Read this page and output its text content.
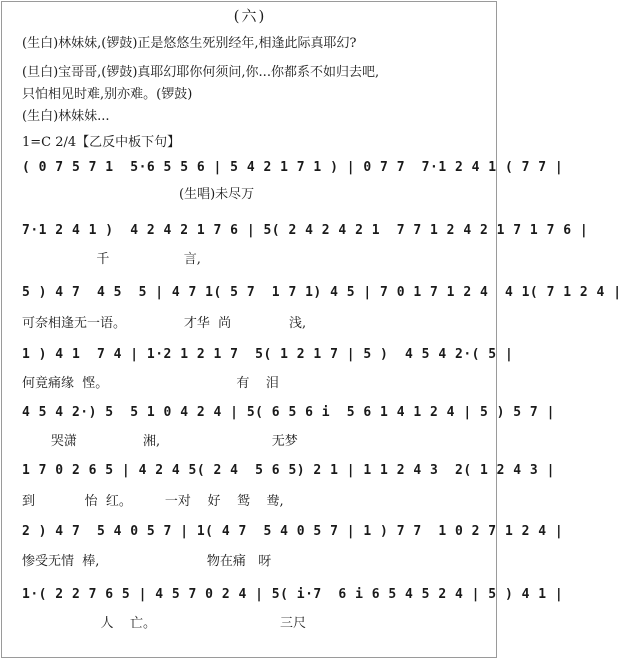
(六)
(生白)林妹妹,(锣鼓)正是悠悠生死别经年,相逢此际真耶幻?
(旦白)宝哥哥,(锣鼓)真耶幻耶你何须问,你...你都系不如归去吧,
只怕相见时难,别亦难。(锣鼓)
(生白)林妹妹...
1=C 2/4【乙反中板下句】
( 0 7 5 7 1  5·6 5 5 6 | 5 4 2 1 7 1 ) | 0 7 7  7·1 2 4 1 ( 7 7 |
(生唱)未尽万
7·1 2 4 1 )  4 2 4 2 1 7 6 | 5( 2 4 2 4 2 1  7 7 1 2 4 2 1 7 1 7 6 |
千                  言,
5 ) 4 7  4 5  5 | 4 7 1( 5 7  1 7 1) 4 5 | 7 0 1 7 1 2 4  4 1( 7 1 2 4 |
可奈相逢无一语。              才华  尚              浅,
1 ) 4 1  7 4 | 1·2 1 2 1 7  5( 1 2 1 7 | 5 )  4 5 4 2·( 5 |
何竟痛缘  悭。                               有    泪
4 5 4 2·) 5  5 1 0 4 2 4 | 5( 6 5 6 i  5 6 1 4 1 2 4 | 5 ) 5 7 |
哭潇                湘,                           无梦
1 7 0 2 6 5 | 4 2 4 5( 2 4  5 6 5) 2 1 | 1 1 2 4 3  2( 1 2 4 3 |
到            怡  红。        一对    好    鸳    鸯,
2 ) 4 7  5 4 0 5 7 | 1( 4 7  5 4 0 5 7 | 1 ) 7 7  1 0 2 7 1 2 4 |
惨受无情  棒,                          物在痛   呀
1·( 2 2 7 6 5 | 4 5 7 0 2 4 | 5( i·7  6 i 6 5 4 5 2 4 | 5 ) 4 1 |
人    亡。                              三尺
